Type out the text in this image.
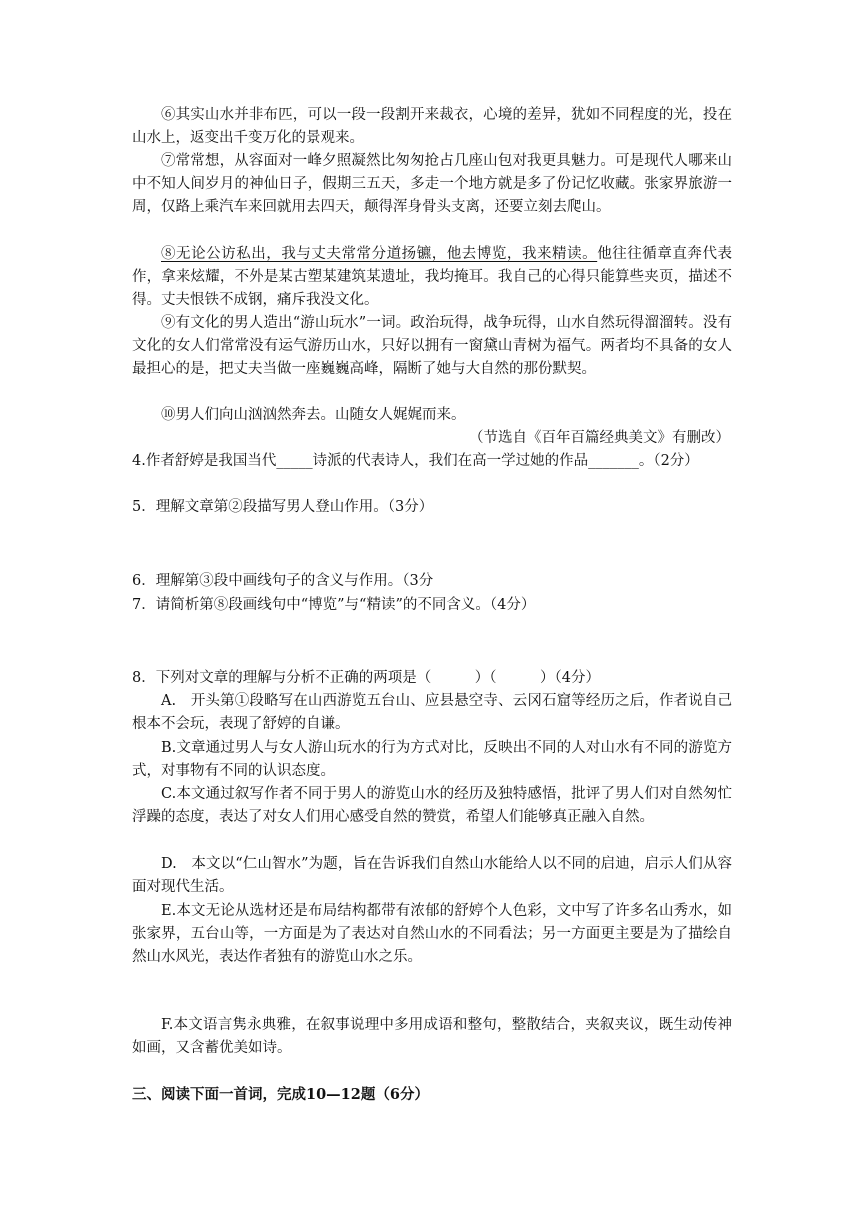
⑥其实山水并非布匹，可以一段一段割开来裁衣，心境的差异，犹如不同程度的光，投在山水上，返变出千变万化的景观来。

⑦常常想，从容面对一峰夕照凝然比匆匆抢占几座山包对我更具魅力。可是现代人哪来山中不知人间岁月的神仙日子，假期三五天，多走一个地方就是多了份记忆收藏。张家界旅游一周，仅路上乘汽车来回就用去四天，颠得浑身骨头支离，还要立刻去爬山。

⑧无论公访私出，我与丈夫常常分道扬镳，他去博览，我来精读。他往往循章直奔代表作，拿来炫耀，不外是某古塑某建筑某遗址，我均掩耳。我自己的心得只能算些夹页，描述不得。丈夫恨铁不成钢，痛斥我没文化。

⑨有文化的男人造出“游山玩水”一词。政治玩得，战争玩得，山水自然玩得溜溜转。没有文化的女人们常常没有运气游历山水，只好以拥有一窗黛山青树为福气。两者均不具备的女人最担心的是，把丈夫当做一座巍巍高峰，隔断了她与大自然的那份默契。

⑩男人们向山汹汹然奔去。山随女人娓娓而来。

（节选自《百年百篇经典美文》有删改）

4.作者舒婷是我国当代_____诗派的代表诗人，我们在高一学过她的作品_______。（2分）

5．理解文章第②段描写男人登山作用。（3分）

6．理解第③段中画线句子的含义与作用。（3分

7．请简析第⑧段画线句中“博览”与“精读”的不同含义。（4分）

8．下列对文章的理解与分析不正确的两项是（　　　）（　　　）（4分）

A.　开头第①段略写在山西游览五台山、应县悬空寺、云冈石窟等经历之后，作者说自己根本不会玩，表现了舒婷的自谦。

B.文章通过男人与女人游山玩水的行为方式对比，反映出不同的人对山水有不同的游览方式，对事物有不同的认识态度。

C.本文通过叙写作者不同于男人的游览山水的经历及独特感悟，批评了男人们对自然匆忙浮躁的态度，表达了对女人们用心感受自然的赞赏，希望人们能够真正融入自然。

D.　本文以“仁山智水”为题，旨在告诉我们自然山水能给人以不同的启迪，启示人们从容面对现代生活。

E.本文无论从选材还是布局结构都带有浓郁的舒婷个人色彩，文中写了许多名山秀水，如张家界，五台山等，一方面是为了表达对自然山水的不同看法；另一方面更主要是为了描绘自然山水风光，表达作者独有的游览山水之乐。

F.本文语言隽永典雅，在叙事说理中多用成语和整句，整散结合，夹叙夹议，既生动传神如画，又含蓄优美如诗。

三、阅读下面一首词，完成10—12题（6分）
